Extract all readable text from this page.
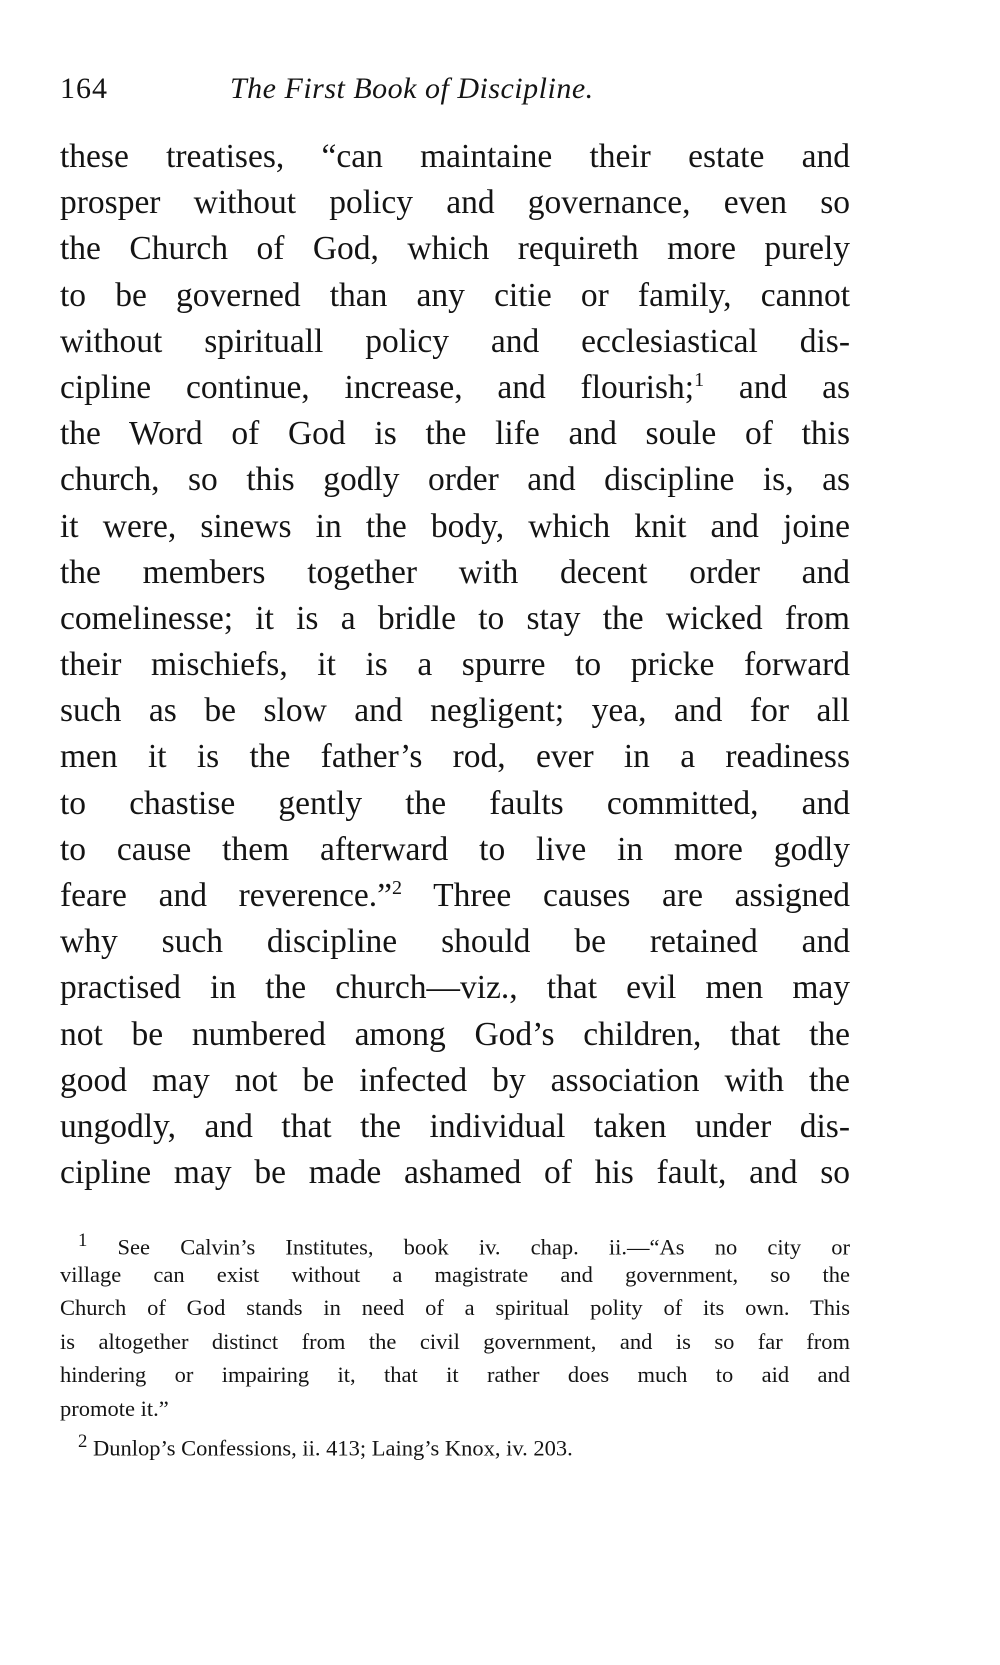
164	The First Book of Discipline.
these treatises, “can maintaine their estate and
prosper without policy and governance, even so
the Church of God, which requireth more purely
to be governed than any citie or family, cannot
without spirituall policy and ecclesiastical dis-
cipline continue, increase, and flourish;$^1$ and as
the Word of God is the life and soule of this
church, so this godly order and discipline is, as
it were, sinews in the body, which knit and joine
the members together with decent order and
comelinesse; it is a bridle to stay the wicked from
their mischiefs, it is a spurre to pricke forward
such as be slow and negligent; yea, and for all
men it is the father’s rod, ever in a readiness
to chastise gently the faults committed, and
to cause them afterward to live in more godly
feare and reverence.”$^2$ Three causes are assigned
why such discipline should be retained and
practised in the church—viz., that evil men may
not be numbered among God’s children, that the
good may not be infected by association with the
ungodly, and that the individual taken under dis-
cipline may be made ashamed of his fault, and so
$^1$ See Calvin’s Institutes, book iv. chap. ii.—“As no city or
village can exist without a magistrate and government, so the
Church of God stands in need of a spiritual polity of its own. This
is altogether distinct from the civil government, and is so far from
hindering or impairing it, that it rather does much to aid and
promote it.”
$^2$ Dunlop’s Confessions, ii. 413; Laing’s Knox, iv. 203.
